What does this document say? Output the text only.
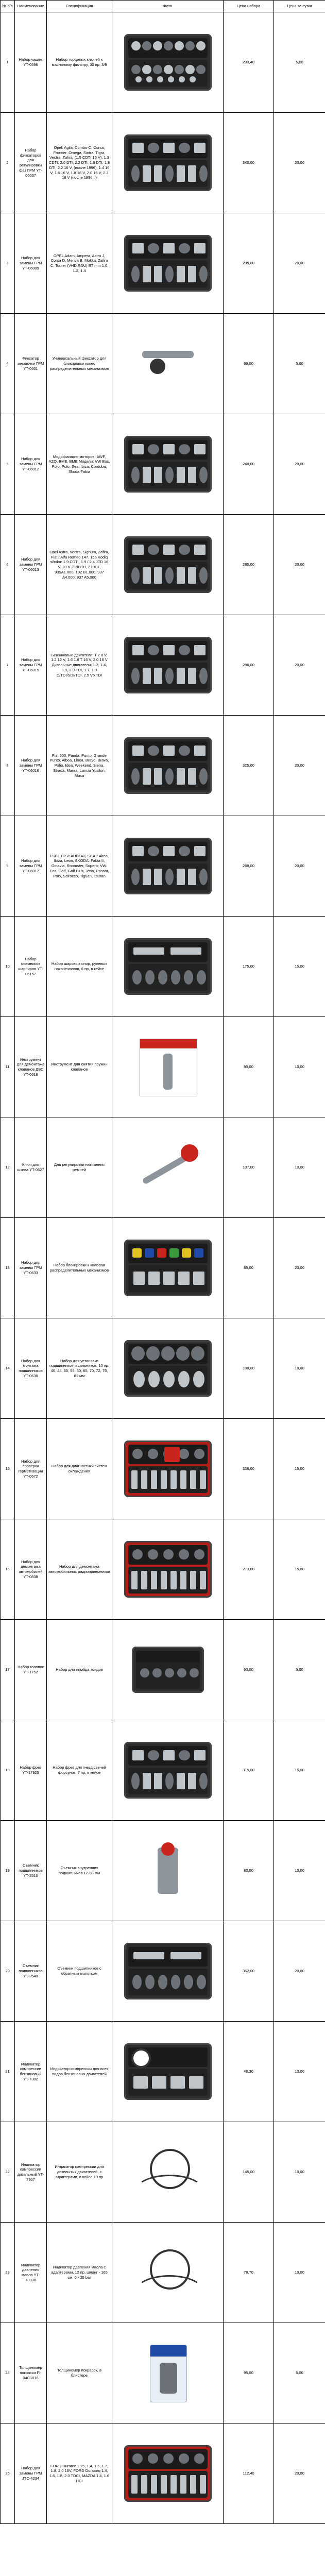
№ п/п	Наименование	Спецификация	Фото	Цена набора	Цена за сутки
1	Набор чашек YT-0596	Набор торцевых ключей к масляному фильтру, 30 пр, 3/8		203,40	5,00
2	Набор фиксаторов для регулировки фаз ГРМ YT-06007	Opel: Agila, Combo-C, Corsa, Frontier, Omega, Sintra, Tigra, Vectra, Zafira: (1.5 CDTI 16 V), 1.3 CDTI, 2.0 DTI, 2.2 DTI, 1.6 DTI, 1.8 DTI, 2.2 16 V, (после 1996), 1.4 16 V, 1.6 16 V, 1.8 16 V, 2.0 16 V, 2.2 16 V (после 1996 г.)		340,00	20,00
3	Набор для замены ГРМ YT-06009	OPEL Adam, Ampera, Astra J, Corsa D, Meriva B, Mokka, Zafira C, Tourer (VHD,RDU) ET mm 1.0, 1.2, 1.4		205,00	20,00
4	Фиксатор звездочки ГРМ YT-0601	Универсальный фиксатор для блокировки колес распределительных механизмов		69,00	5,00
5	Набор для замены ГРМ YT-06012	Модификации моторов: AWF, AZQ, BME, BME Модели: VW Eos, Polo, Polo, Seat Ibiza, Cordoba, Skoda Fabia		240,00	20,00
6	Набор для замены ГРМ YT-06013	Opel Astra, Vectra, Signum, Zafira, Fiat / Alfa Romeo 147, 156 Kodiq silniku: 1.9 CDTI, 1.9 / 2.4 JTD 16 V, 20 V Z19DTH, Z19DT, 939A1.000, 192 B1.000, 937 A4.000, 937 A5.000		280,00	20,00
7	Набор для замены ГРМ YT-06015	Бензиновые двигатели: 1.2 8 V, 1.2 12 V, 1.6 1.8 T 16 V, 2.0 16 V Дизельные двигатели: 1.2, 1.4, 1.9, 2.0 TDI, 1.7, 1.9 D/TDI/SDI/TDI, 2.5 V6 TDI		286,00	20,00
8	Набор для замены ГРМ YT-06016	Fiat 500, Panda, Punto, Grande Punto, Albea, Linea, Bravo, Brava, Palio, Idea, Weekend, Siena, Strada, Marea, Lancia Ypsilon, Musa		325,00	20,00
9	Набор для замены ГРМ YT-06017	FSI + TFSI: AUDI A3, SEAT: Altea, Ibiza, Leon, SKODA: Fabia II, Octavia, Roomster, Superb; VW: Eos, Golf, Golf Plus, Jetta, Passat, Polo, Scirocco, Tiguan, Touran		268,00	20,00
10	Набор съемников шарниров YT-06157	Набор шаровых опор, рулевых наконечников, 6 пр, в кейсе		175,00	15,00
11	Инструмент для демонтажа клапанов ДВС YT-0618	Инструмент для снятия пружин клапанов		80,00	10,00
12	Ключ для шкива YT-0627	Для регулировки натяжения ремней		107,00	10,00
13	Набор для замены ГРМ YT-0633	Набор блокировки к колесам распределительных механизмов		85,00	20,00
14	Набор для монтажа подшипников YT-0636	Набор для установки подшипников и сальников, 10 пр: 40, 44, 50, 55, 60, 65, 70, 72, 76, 81 мм		108,00	10,00
15	Набор для проверки герметизации YT-0672	Набор для диагностики систем охлаждения		336,00	15,00
16	Набор для демонтажа автомобилей YT-0838	Набор для демонтажа автомобильных радиоприемников		273,00	15,00
17	Набор головок YT-1752	Набор для лямбда зондов		60,00	5,00
18	Набор фрез YT-17925	Набор фрез для гнезд свечей форсунок, 7 пр, в кейсе		315,00	15,00
19	Съемник подшипников YT-2510	Съемник внутренних подшипников 12-38 мм		82,00	10,00
20	Съемник подшипников YT-2540	Съемник подшипников с обратным молотком		362,00	20,00
21	Индикатор компрессии бензиновый YT-7302	Индикатор компрессии для всех видов бензиновых двигателей		48,30	10,00
22	Индикатор компрессии дизельный YT-7307	Индикатор компрессии для дизельных двигателей, с адаптерами, в кейсе 19 пр		145,00	10,00
23	Индикатор давления масла YT-73030	Индикатор давления масла с адаптерами, 12 пр, шланг - 165 см, 0 - 35 bar		78,70	10,00
24	Толщиномер покраски FI-04C1016	Толщиномер покрасок, в блистере		95,00	5,00
25	Набор для замены ГРМ JTC-4234	FORD Duratec 1.25, 1.4, 1.6, 1.7, 1.8, 2.0 16V, FORD Duratorq 1.4, 1.6, 1.8, 2.0 TDCI, MAZDA 1.4, 1.6 HDI		112,40	20,00
